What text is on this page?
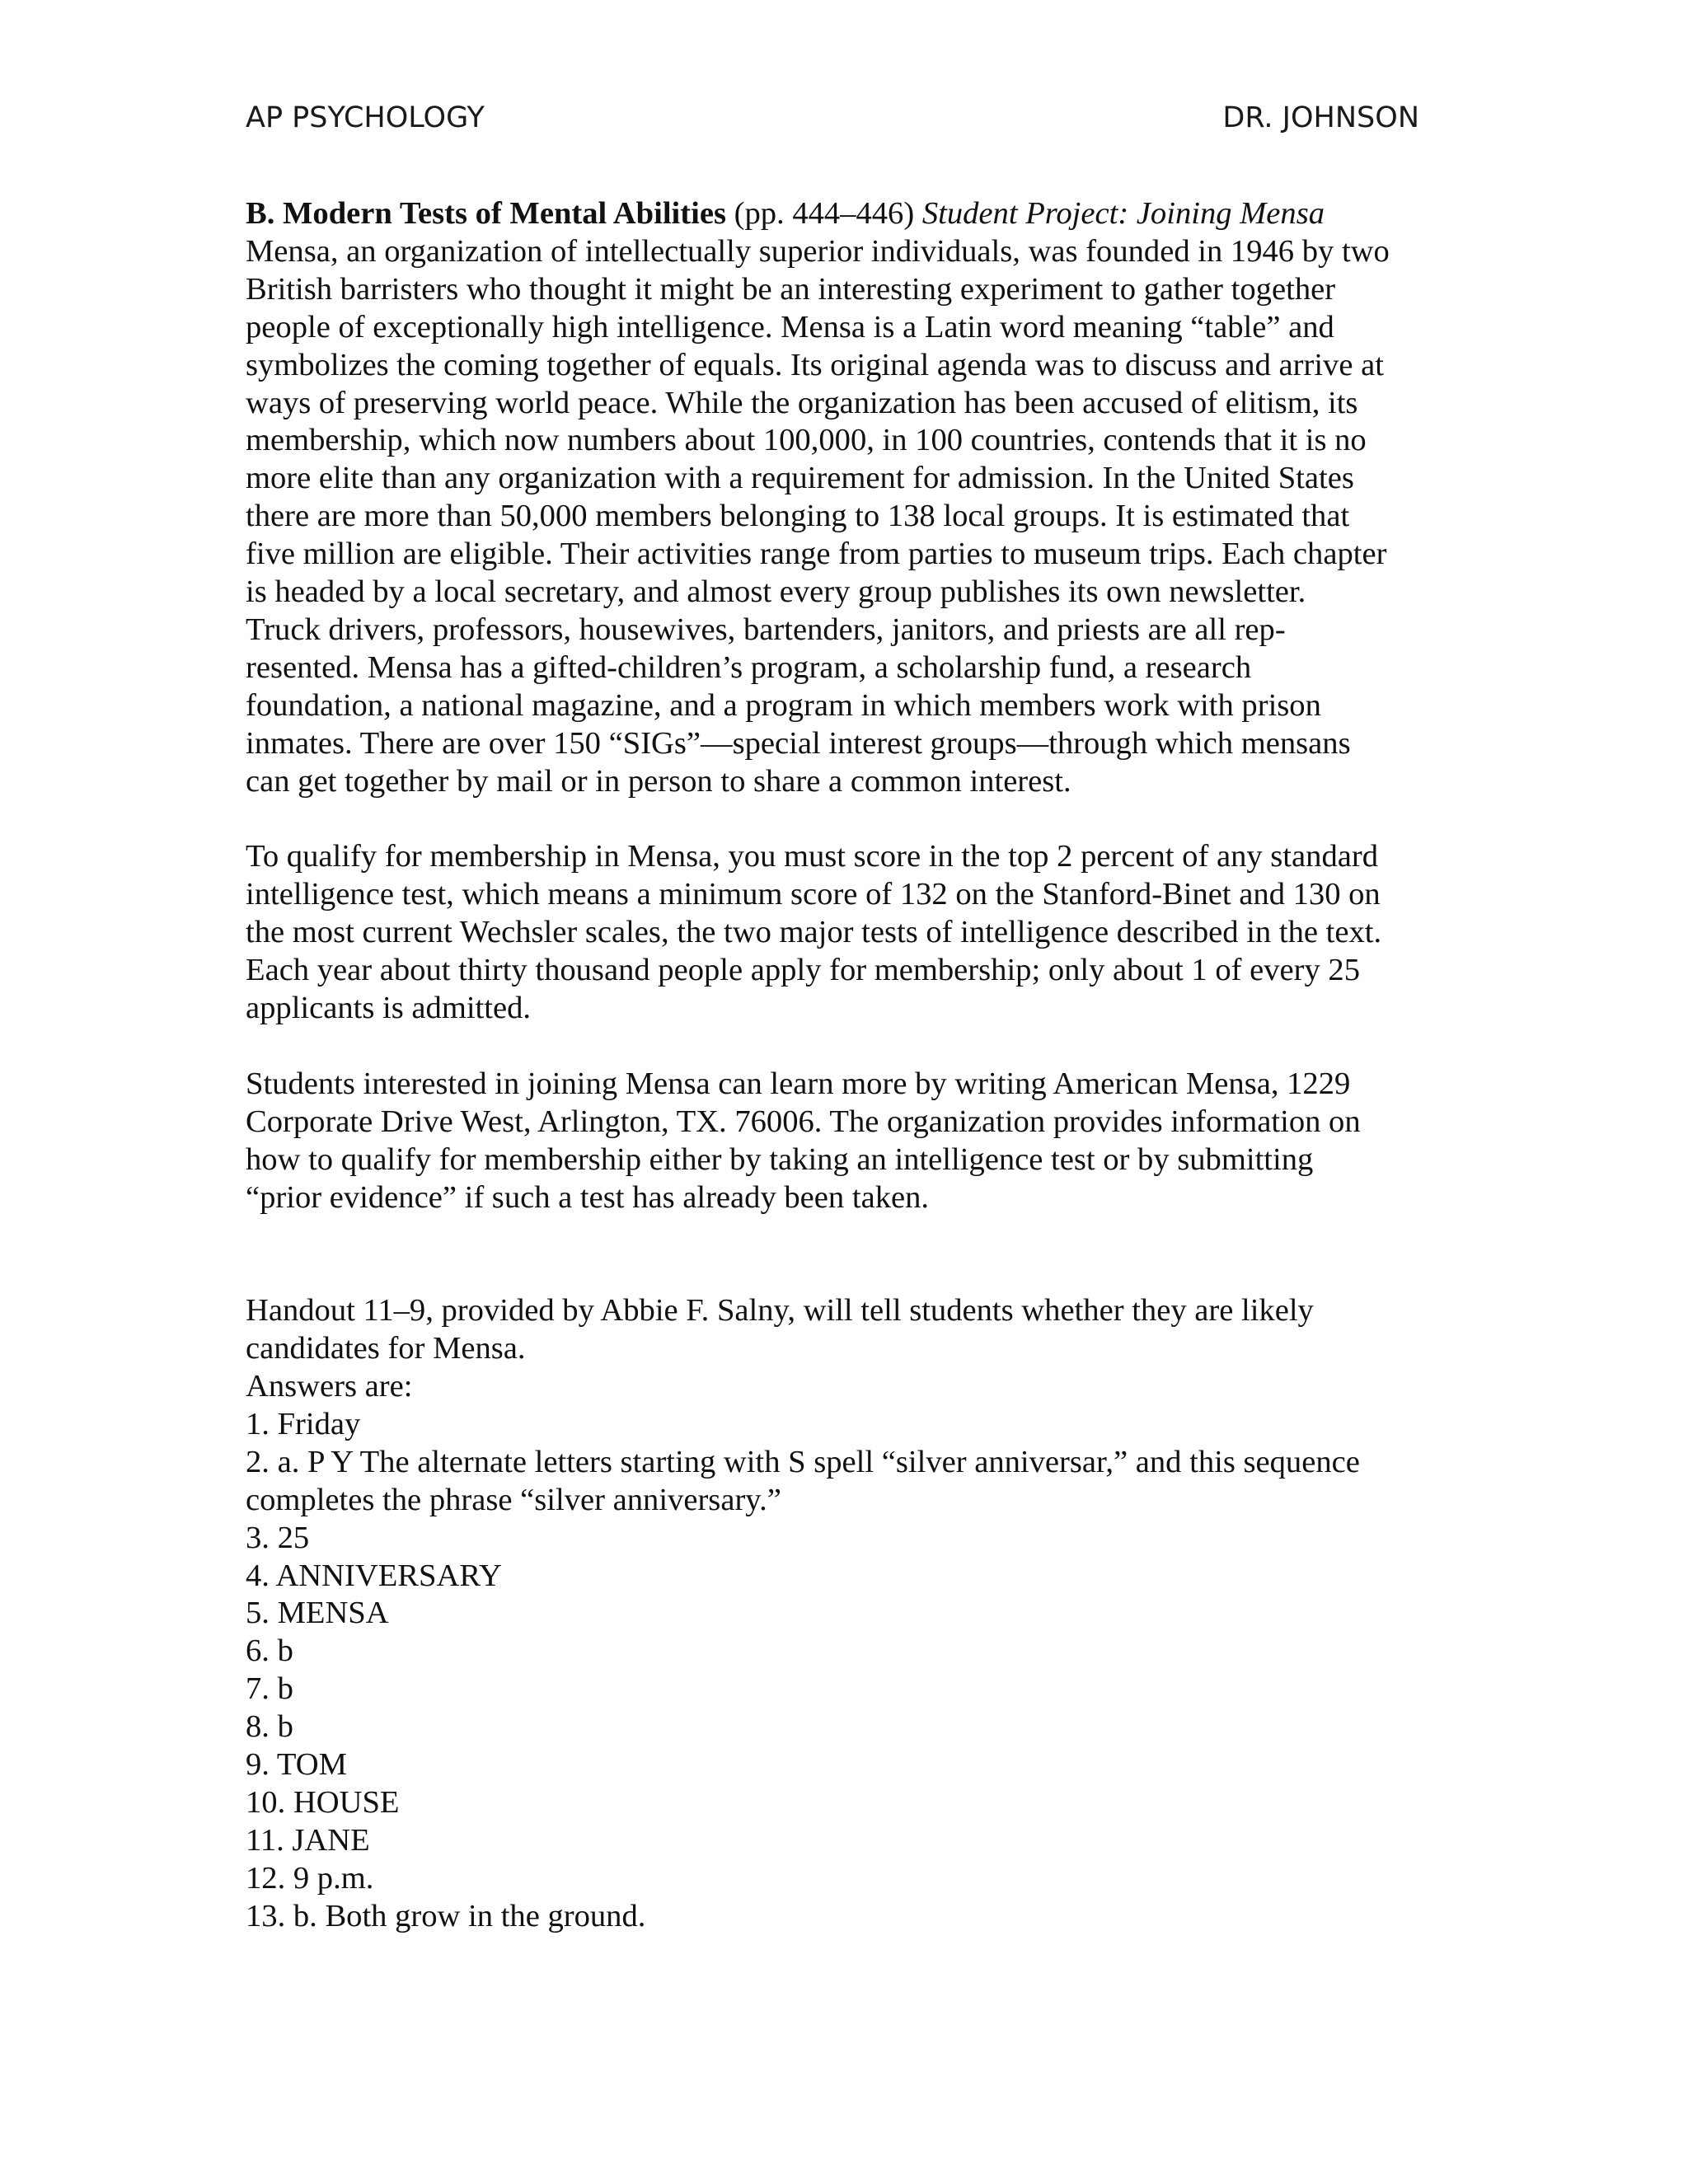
AP PSYCHOLOGY	DR. JOHNSON
B. Modern Tests of Mental Abilities (pp. 444–446) Student Project: Joining Mensa
Mensa, an organization of intellectually superior individuals, was founded in 1946 by two
British barristers who thought it might be an interesting experiment to gather together
people of exceptionally high intelligence. Mensa is a Latin word meaning “table” and
symbolizes the coming together of equals. Its original agenda was to discuss and arrive at
ways of preserving world peace. While the organization has been accused of elitism, its
membership, which now numbers about 100,000, in 100 countries, contends that it is no
more elite than any organization with a requirement for admission. In the United States
there are more than 50,000 members belonging to 138 local groups. It is estimated that
five million are eligible. Their activities range from parties to museum trips. Each chapter
is headed by a local secretary, and almost every group publishes its own newsletter.
Truck drivers, professors, housewives, bartenders, janitors, and priests are all rep-
resented. Mensa has a gifted-children’s program, a scholarship fund, a research
foundation, a national magazine, and a program in which members work with prison
inmates. There are over 150 “SIGs”—special interest groups—through which mensans
can get together by mail or in person to share a common interest.
To qualify for membership in Mensa, you must score in the top 2 percent of any standard
intelligence test, which means a minimum score of 132 on the Stanford-Binet and 130 on
the most current Wechsler scales, the two major tests of intelligence described in the text.
Each year about thirty thousand people apply for membership; only about 1 of every 25
applicants is admitted.
Students interested in joining Mensa can learn more by writing American Mensa, 1229
Corporate Drive West, Arlington, TX. 76006. The organization provides information on
how to qualify for membership either by taking an intelligence test or by submitting
“prior evidence” if such a test has already been taken.
Handout 11–9, provided by Abbie F. Salny, will tell students whether they are likely
candidates for Mensa.
Answers are:
1. Friday
2. a. P Y The alternate letters starting with S spell “silver anniversar,” and this sequence
completes the phrase “silver anniversary.”
3. 25
4. ANNIVERSARY
5. MENSA
6. b
7. b
8. b
9. TOM
10. HOUSE
11. JANE
12. 9 p.m.
13. b. Both grow in the ground.
